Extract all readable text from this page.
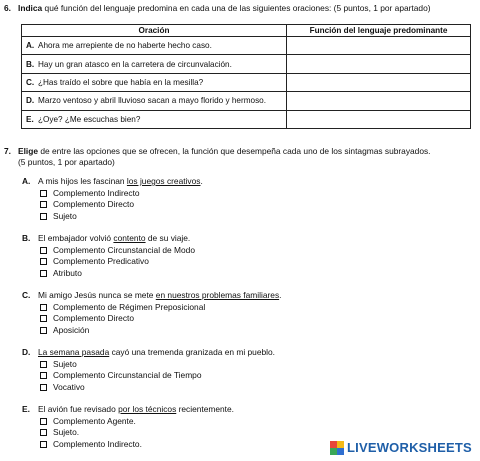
6. Indica qué función del lenguaje predomina en cada una de las siguientes oraciones: (5 puntos, 1 por apartado)
Oración	Función del lenguaje predominante
A. Ahora me arrepiente de no haberte hecho caso.	
B. Hay un gran atasco en la carretera de circunvalación.	
C. ¿Has traído el sobre que había en la mesilla?	
D. Marzo ventoso y abril lluvioso sacan a mayo florido y hermoso.	
E. ¿Oye? ¿Me escuchas bien?	
7. Elige de entre las opciones que se ofrecen, la función que desempeña cada uno de los sintagmas subrayados.
(5 puntos, 1 por apartado)
A. A mis hijos les fascinan los juegos creativos.
Complemento Indirecto
Complemento Directo
Sujeto
B. El embajador volvió contento de su viaje.
Complemento Circunstancial de Modo
Complemento Predicativo
Atributo
C. Mi amigo Jesús nunca se mete en nuestros problemas familiares.
Complemento de Régimen Preposicional
Complemento Directo
Aposición
D. La semana pasada cayó una tremenda granizada en mi pueblo.
Sujeto
Complemento Circunstancial de Tiempo
Vocativo
E. El avión fue revisado por los técnicos recientemente.
Complemento Agente.
Sujeto.
Complemento Indirecto.	LIVEWORKSHEETS
